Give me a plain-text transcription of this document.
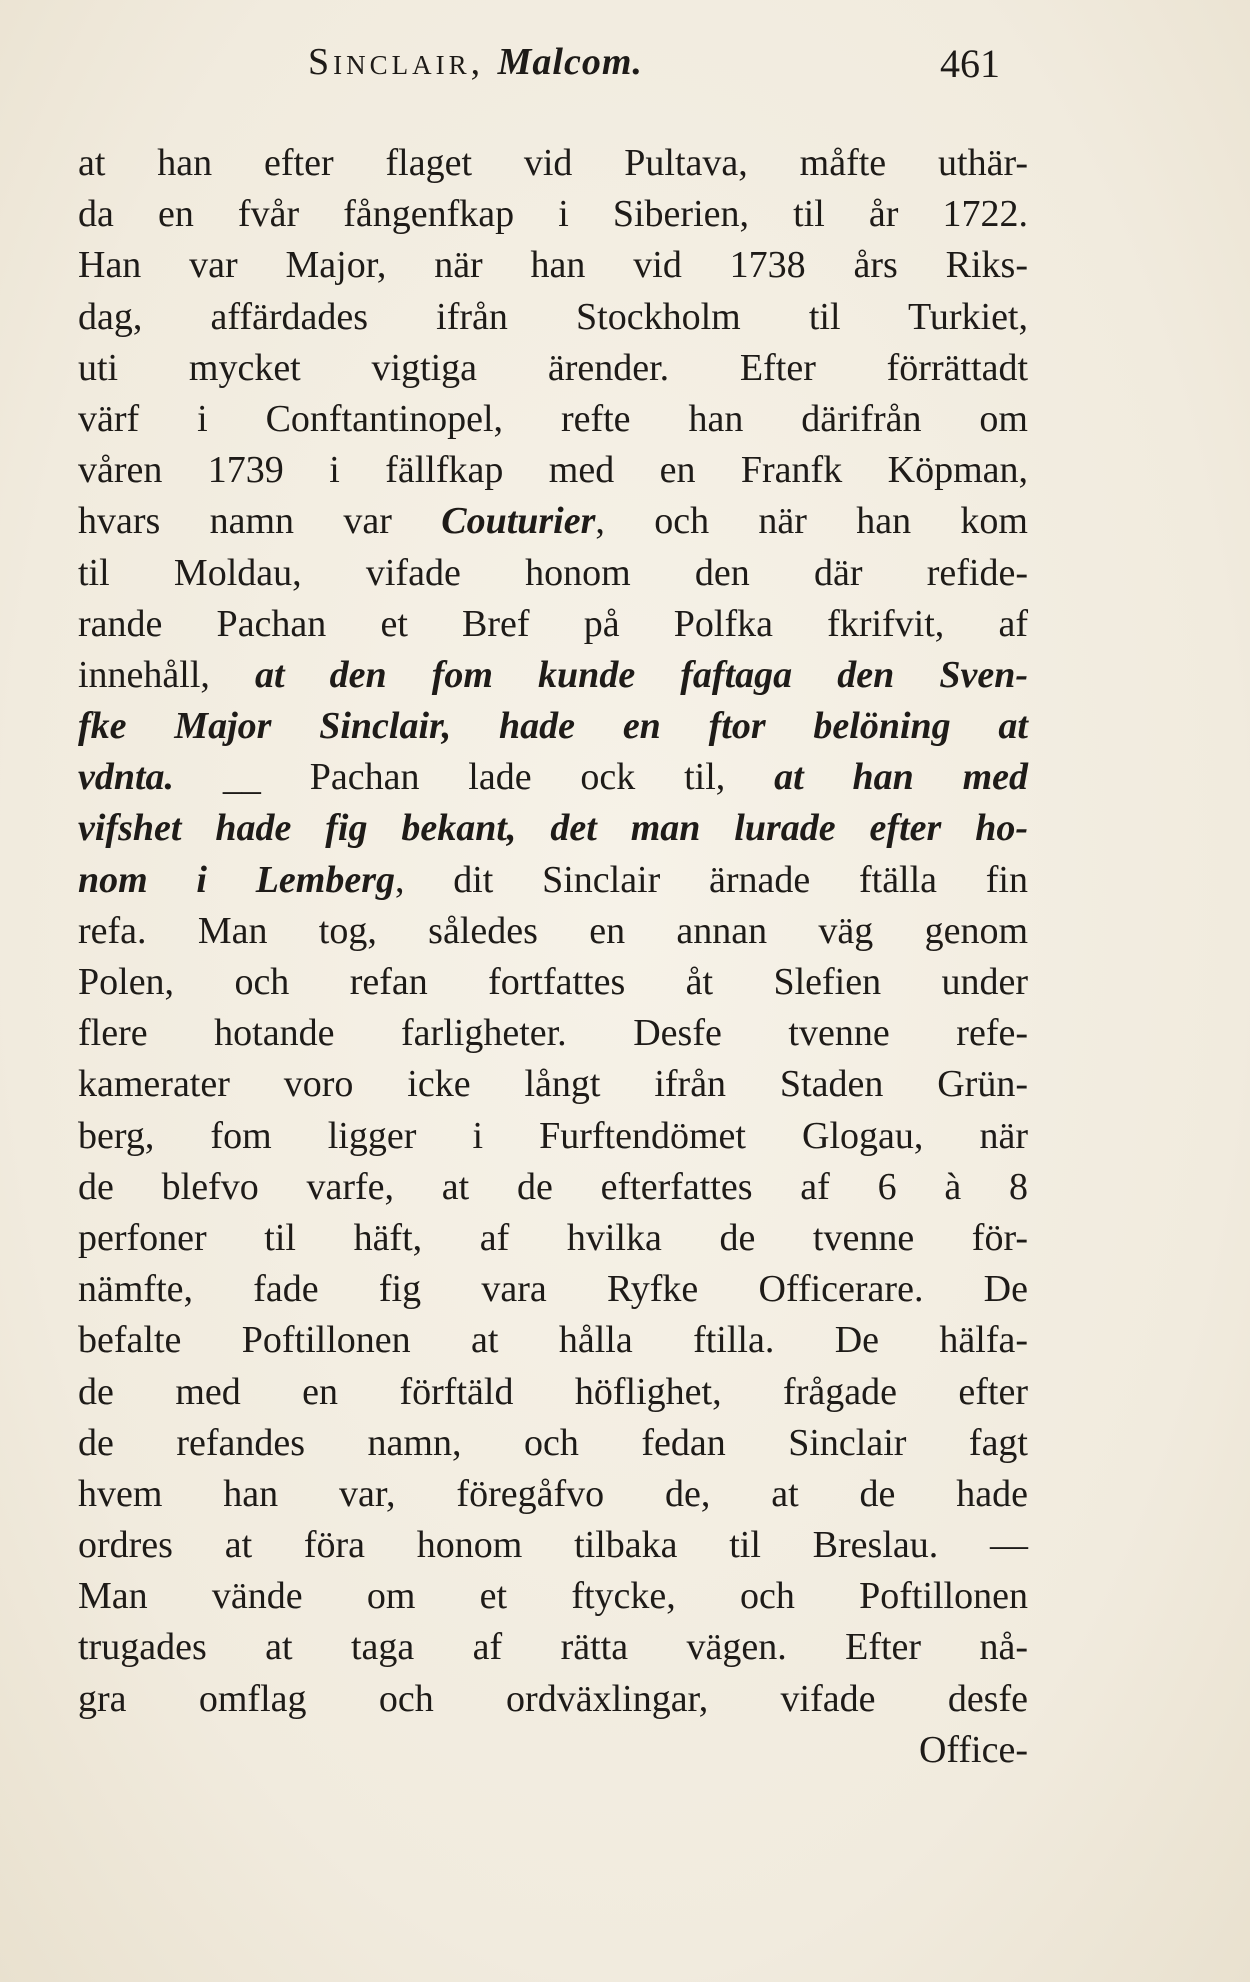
Sinclair, Malcom.	461
at han efter flaget vid Pultava, måfte uthär-
da en fvår fångenfkap i Siberien, til år 1722.
Han var Major, när han vid 1738 års Riks-
dag, affärdades ifrån Stockholm til Turkiet,
uti mycket vigtiga ärender. Efter förrättadt
värf i Conftantinopel, refte han därifrån om
våren 1739 i fällfkap med en Franfk Köpman,
hvars namn var Couturier, och när han kom
til Moldau, vifade honom den där refide-
rande Pachan et Bref på Polfka fkrifvit, af
innehåll, at den fom kunde faftaga den Sven-
fke Major Sinclair, hade en ftor belöning at
vdnta. __ Pachan lade ock til, at han med
vifshet hade fig bekant, det man lurade efter ho-
nom i Lemberg, dit Sinclair ärnade ftälla fin
refa. Man tog, således en annan väg genom
Polen, och refan fortfattes åt Slefien under
flere hotande farligheter. Desfe tvenne refe-
kamerater voro icke långt ifrån Staden Grün-
berg, fom ligger i Furftendömet Glogau, när
de blefvo varfe, at de efterfattes af 6 à 8
perfoner til häft, af hvilka de tvenne för-
nämfte, fade fig vara Ryfke Officerare. De
befalte Poftillonen at hålla ftilla. De hälfa-
de med en förftäld höflighet, frågade efter
de refandes namn, och fedan Sinclair fagt
hvem han var, föregåfvo de, at de hade
ordres at föra honom tilbaka til Breslau. —
Man vände om et ftycke, och Poftillonen
trugades at taga af rätta vägen. Efter nå-
gra omflag och ordväxlingar, vifade desfe
Office-
